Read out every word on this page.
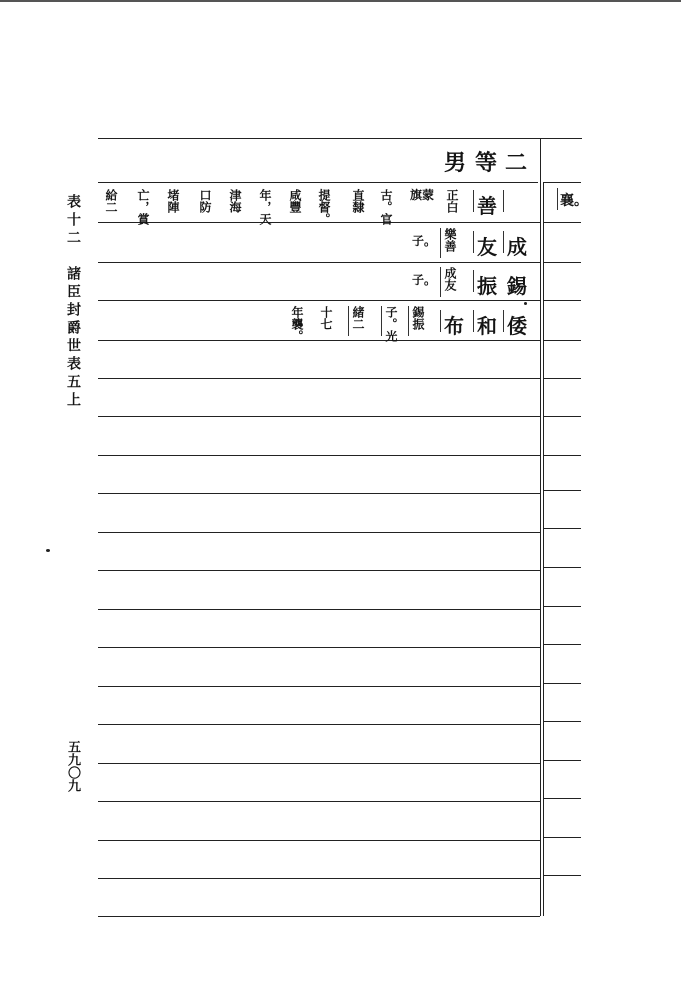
表十二　諸臣封爵世表五上
五九〇九
二
等
男
襄。
善
正白
旗蒙
古。官
直隸
提督。
咸豐
年，天
津海
口防
堵陣
亡，賞
給二
成
友
樂善
子。
錫
振
成友
子。
倭
和
布
錫振
子。光
緒二
十七
年襲。
